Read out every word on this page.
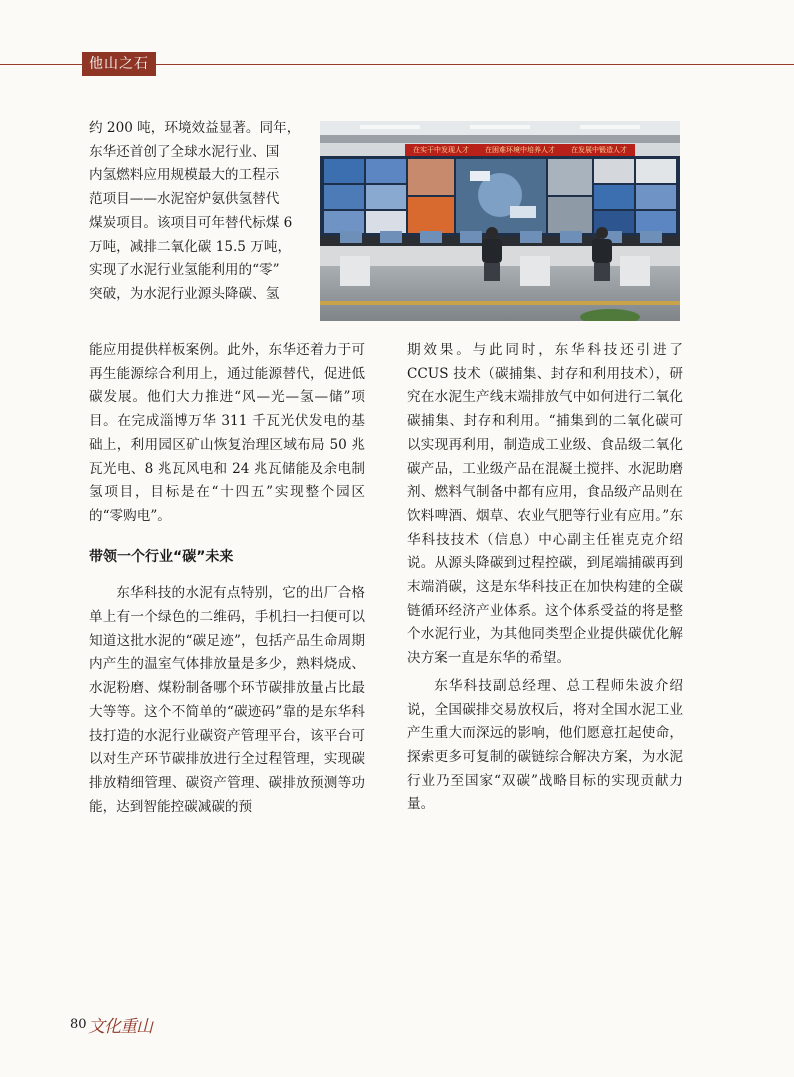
他山之石
约 200 吨，环境效益显著。同年，
东华还首创了全球水泥行业、国
内氢燃料应用规模最大的工程示
范项目——水泥窑炉氨供氢替代
煤炭项目。该项目可年替代标煤 6
万吨，减排二氧化碳 15.5 万吨，
实现了水泥行业氢能利用的“零”
突破，为水泥行业源头降碳、氢
在实干中发现人才 在困难环境中培养人才 在发展中锻造人才

能应用提供样板案例。此外，东华还着力于可再生能源综合利用上，通过能源替代，促进低碳发展。他们大力推进“风—光—氢—储”项目。在完成淄博万华 311 千瓦光伏发电的基础上，利用园区矿山恢复治理区域布局 50 兆瓦光电、8 兆瓦风电和 24 兆瓦储能及余电制氢项目，目标是在“十四五”实现整个园区的“零购电”。

带领一个行业“碳”未来

东华科技的水泥有点特别，它的出厂合格单上有一个绿色的二维码，手机扫一扫便可以知道这批水泥的“碳足迹”，包括产品生命周期内产生的温室气体排放量是多少，熟料烧成、水泥粉磨、煤粉制备哪个环节碳排放量占比最大等等。这个不简单的“碳迹码”靠的是东华科技打造的水泥行业碳资产管理平台，该平台可以对生产环节碳排放进行全过程管理，实现碳排放精细管理、碳资产管理、碳排放预测等功能，达到智能控碳减碳的预

期效果。与此同时，东华科技还引进了 CCUS 技术（碳捕集、封存和利用技术），研究在水泥生产线末端排放气中如何进行二氧化碳捕集、封存和利用。“捕集到的二氧化碳可以实现再利用，制造成工业级、食品级二氧化碳产品，工业级产品在混凝土搅拌、水泥助磨剂、燃料气制备中都有应用，食品级产品则在饮料啤酒、烟草、农业气肥等行业有应用。”东华科技技术（信息）中心副主任崔克克介绍说。从源头降碳到过程控碳，到尾端捕碳再到末端消碳，这是东华科技正在加快构建的全碳链循环经济产业体系。这个体系受益的将是整个水泥行业，为其他同类型企业提供碳优化解决方案一直是东华的希望。

东华科技副总经理、总工程师朱波介绍说，全国碳排交易放权后，将对全国水泥工业产生重大而深远的影响，他们愿意扛起使命，探索更多可复制的碳链综合解决方案，为水泥行业乃至国家“双碳”战略目标的实现贡献力量。

80 文化重山
